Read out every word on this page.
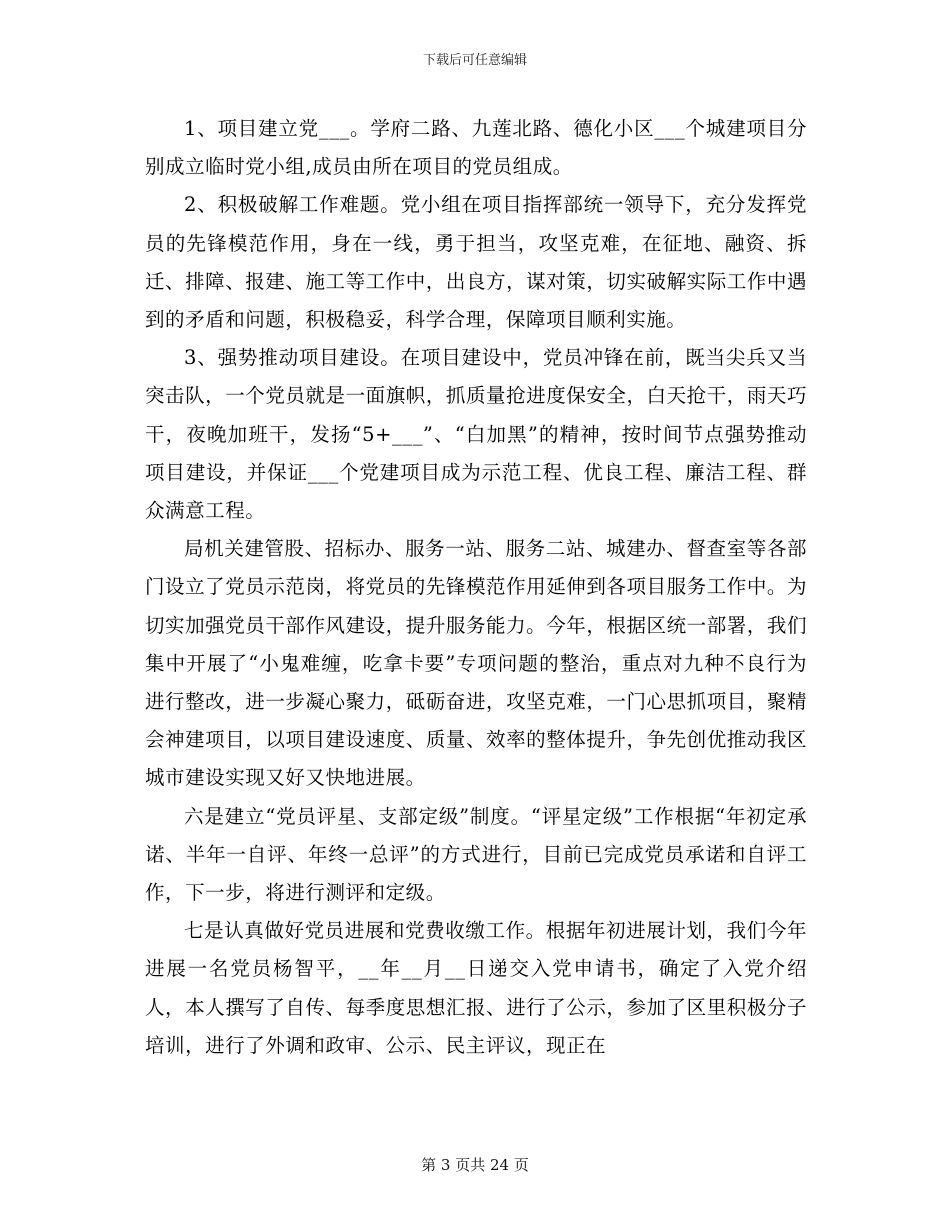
下载后可任意编辑

1、项目建立党___。学府二路、九莲北路、德化小区___个城建项目分别成立临时党小组,成员由所在项目的党员组成。

2、积极破解工作难题。党小组在项目指挥部统一领导下，充分发挥党员的先锋模范作用，身在一线，勇于担当，攻坚克难，在征地、融资、拆迁、排障、报建、施工等工作中，出良方，谋对策，切实破解实际工作中遇到的矛盾和问题，积极稳妥，科学合理，保障项目顺利实施。

3、强势推动项目建设。在项目建设中，党员冲锋在前，既当尖兵又当突击队，一个党员就是一面旗帜，抓质量抢进度保安全，白天抢干，雨天巧干，夜晚加班干，发扬“5+___”、“白加黑”的精神，按时间节点强势推动项目建设，并保证___个党建项目成为示范工程、优良工程、廉洁工程、群众满意工程。

局机关建管股、招标办、服务一站、服务二站、城建办、督查室等各部门设立了党员示范岗，将党员的先锋模范作用延伸到各项目服务工作中。为切实加强党员干部作风建设，提升服务能力。今年，根据区统一部署，我们集中开展了“小鬼难缠，吃拿卡要”专项问题的整治，重点对九种不良行为进行整改，进一步凝心聚力，砥砺奋进，攻坚克难，一门心思抓项目，聚精会神建项目，以项目建设速度、质量、效率的整体提升，争先创优推动我区城市建设实现又好又快地进展。

六是建立“党员评星、支部定级”制度。“评星定级”工作根据“年初定承诺、半年一自评、年终一总评”的方式进行，目前已完成党员承诺和自评工作，下一步，将进行测评和定级。

七是认真做好党员进展和党费收缴工作。根据年初进展计划，我们今年进展一名党员杨智平，__年__月__日递交入党申请书，确定了入党介绍人，本人撰写了自传、每季度思想汇报、进行了公示，参加了区里积极分子培训，进行了外调和政审、公示、民主评议，现正在

第 3 页共 24 页
